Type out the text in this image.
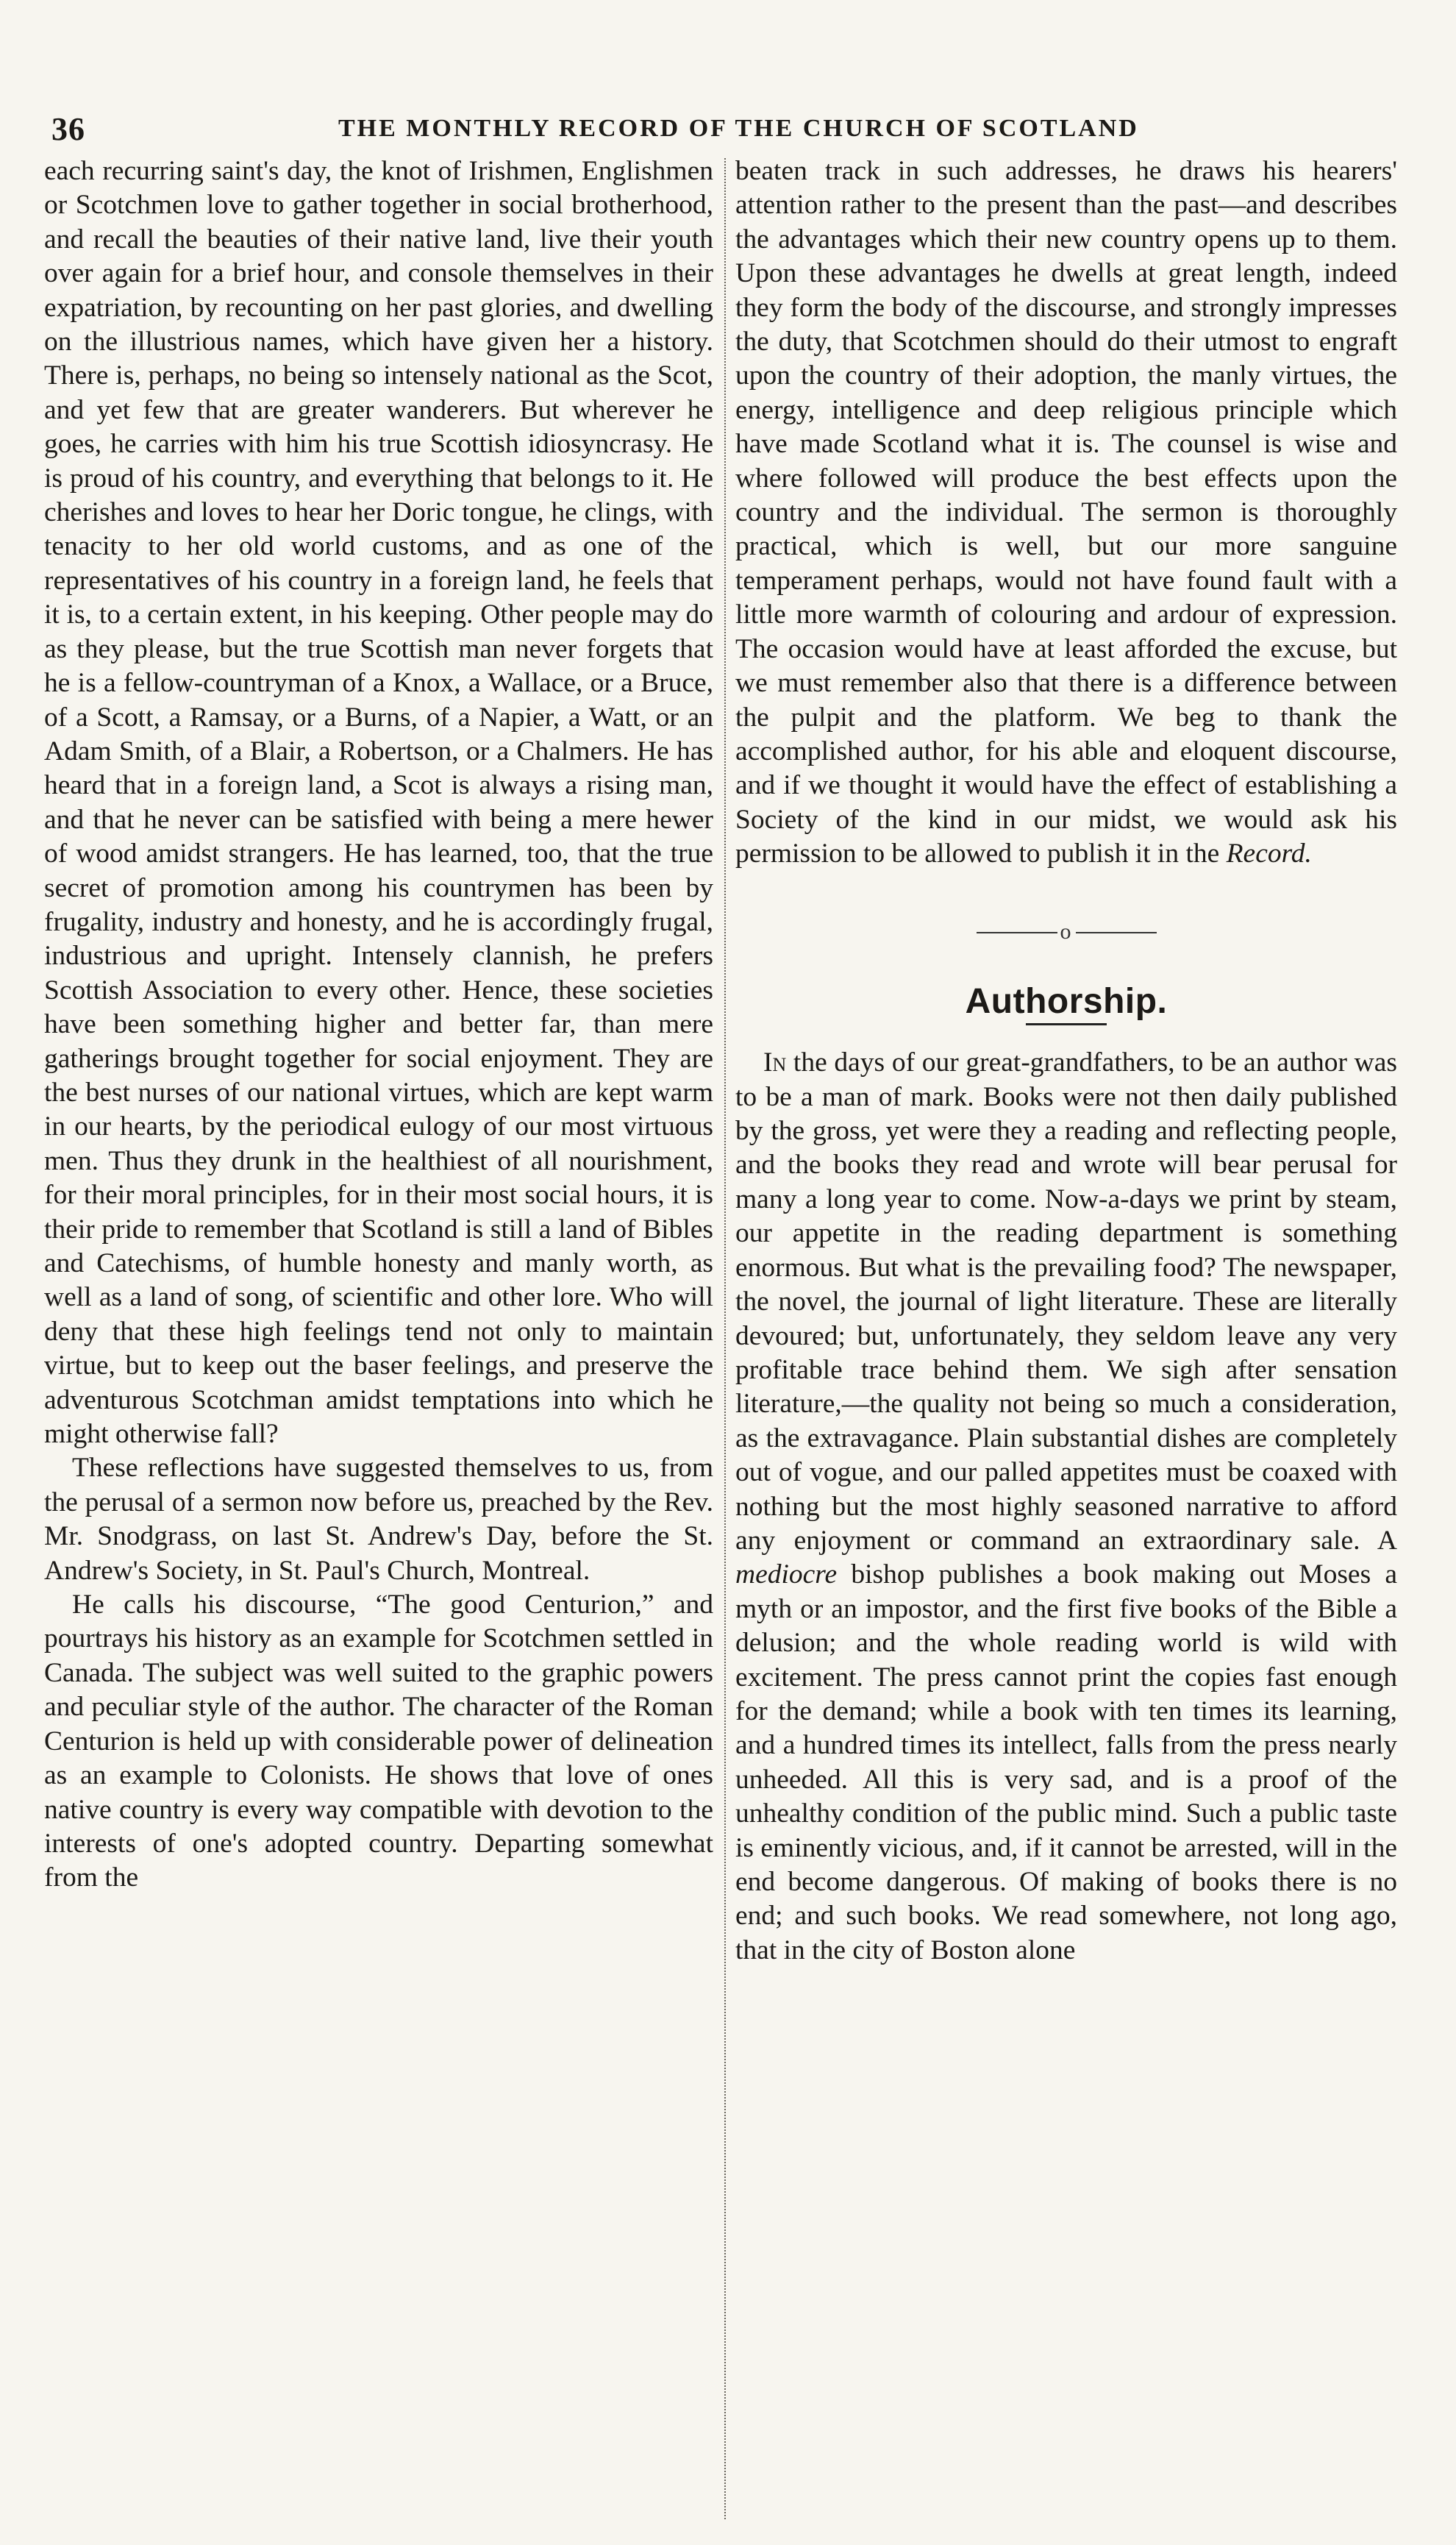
36	THE MONTHLY RECORD OF THE CHURCH OF SCOTLAND

each recurring saint's day, the knot of Irishmen, Englishmen or Scotchmen love to gather together in social brotherhood, and recall the beauties of their native land, live their youth over again for a brief hour, and console themselves in their expatriation, by recounting on her past glories, and dwelling on the illustrious names, which have given her a history. There is, perhaps, no being so intensely national as the Scot, and yet few that are greater wanderers. But wherever he goes, he carries with him his true Scottish idiosyncrasy. He is proud of his country, and everything that belongs to it. He cherishes and loves to hear her Doric tongue, he clings, with tenacity to her old world customs, and as one of the representatives of his country in a foreign land, he feels that it is, to a certain extent, in his keeping. Other people may do as they please, but the true Scottish man never forgets that he is a fellow-countryman of a Knox, a Wallace, or a Bruce, of a Scott, a Ramsay, or a Burns, of a Napier, a Watt, or an Adam Smith, of a Blair, a Robertson, or a Chalmers. He has heard that in a foreign land, a Scot is always a rising man, and that he never can be satisfied with being a mere hewer of wood amidst strangers. He has learned, too, that the true secret of promotion among his countrymen has been by frugality, industry and honesty, and he is accordingly frugal, industrious and upright. Intensely clannish, he prefers Scottish Association to every other. Hence, these societies have been something higher and better far, than mere gatherings brought together for social enjoyment. They are the best nurses of our national virtues, which are kept warm in our hearts, by the periodical eulogy of our most virtuous men. Thus they drunk in the healthiest of all nourishment, for their moral principles, for in their most social hours, it is their pride to remember that Scotland is still a land of Bibles and Catechisms, of humble honesty and manly worth, as well as a land of song, of scientific and other lore. Who will deny that these high feelings tend not only to maintain virtue, but to keep out the baser feelings, and preserve the adventurous Scotchman amidst temptations into which he might otherwise fall?

These reflections have suggested themselves to us, from the perusal of a sermon now before us, preached by the Rev. Mr. Snodgrass, on last St. Andrew's Day, before the St. Andrew's Society, in St. Paul's Church, Montreal.

He calls his discourse, “The good Centurion,” and pourtrays his history as an example for Scotchmen settled in Canada. The subject was well suited to the graphic powers and peculiar style of the author. The character of the Roman Centurion is held up with considerable power of delineation as an example to Colonists. He shows that love of ones native country is every way compatible with devotion to the interests of one's adopted country. Departing somewhat from the

beaten track in such addresses, he draws his hearers' attention rather to the present than the past—and describes the advantages which their new country opens up to them. Upon these advantages he dwells at great length, indeed they form the body of the discourse, and strongly impresses the duty, that Scotchmen should do their utmost to engraft upon the country of their adoption, the manly virtues, the energy, intelligence and deep religious principle which have made Scotland what it is. The counsel is wise and where followed will produce the best effects upon the country and the individual. The sermon is thoroughly practical, which is well, but our more sanguine temperament perhaps, would not have found fault with a little more warmth of colouring and ardour of expression. The occasion would have at least afforded the excuse, but we must remember also that there is a difference between the pulpit and the platform. We beg to thank the accomplished author, for his able and eloquent discourse, and if we thought it would have the effect of establishing a Society of the kind in our midst, we would ask his permission to be allowed to publish it in the Record.

o
Authorship.

In the days of our great-grandfathers, to be an author was to be a man of mark. Books were not then daily published by the gross, yet were they a reading and reflecting people, and the books they read and wrote will bear perusal for many a long year to come. Now-a-days we print by steam, our appetite in the reading department is something enormous. But what is the prevailing food? The newspaper, the novel, the journal of light literature. These are literally devoured; but, unfortunately, they seldom leave any very profitable trace behind them. We sigh after sensation literature,—the quality not being so much a consideration, as the extravagance. Plain substantial dishes are completely out of vogue, and our palled appetites must be coaxed with nothing but the most highly seasoned narrative to afford any enjoyment or command an extraordinary sale. A mediocre bishop publishes a book making out Moses a myth or an impostor, and the first five books of the Bible a delusion; and the whole reading world is wild with excitement. The press cannot print the copies fast enough for the demand; while a book with ten times its learning, and a hundred times its intellect, falls from the press nearly unheeded. All this is very sad, and is a proof of the unhealthy condition of the public mind. Such a public taste is eminently vicious, and, if it cannot be arrested, will in the end become dangerous. Of making of books there is no end; and such books. We read somewhere, not long ago, that in the city of Boston alone
